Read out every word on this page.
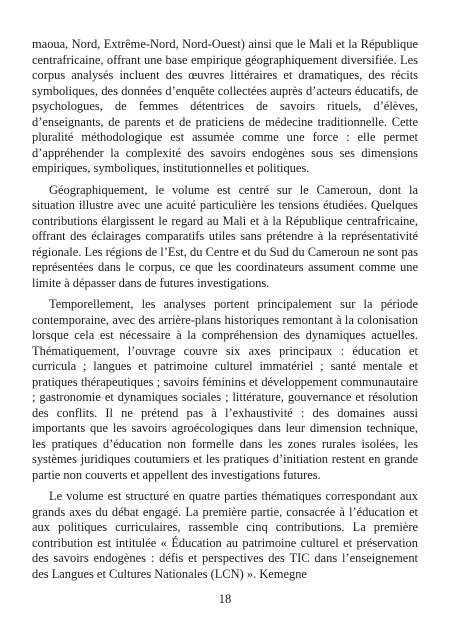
maoua, Nord, Extrême-Nord, Nord-Ouest) ainsi que le Mali et la République centrafricaine, offrant une base empirique géographiquement diversifiée. Les corpus analysés incluent des œuvres littéraires et dramatiques, des récits symboliques, des données d’enquête collectées auprès d’acteurs éducatifs, de psychologues, de femmes détentrices de savoirs rituels, d’élèves, d’enseignants, de parents et de praticiens de médecine traditionnelle. Cette pluralité méthodologique est assumée comme une force : elle permet d’appréhender la complexité des savoirs endogènes sous ses dimensions empiriques, symboliques, institutionnelles et politiques.

Géographiquement, le volume est centré sur le Cameroun, dont la situation illustre avec une acuité particulière les tensions étudiées. Quelques contributions élargissent le regard au Mali et à la République centrafricaine, offrant des éclairages comparatifs utiles sans prétendre à la représentativité régionale. Les régions de l’Est, du Centre et du Sud du Cameroun ne sont pas représentées dans le corpus, ce que les coordinateurs assument comme une limite à dépasser dans de futures investigations.

Temporellement, les analyses portent principalement sur la période contemporaine, avec des arrière-plans historiques remontant à la colonisation lorsque cela est nécessaire à la compréhension des dynamiques actuelles. Thématiquement, l’ouvrage couvre six axes principaux : éducation et curricula ; langues et patrimoine culturel immatériel ; santé mentale et pratiques thérapeutiques ; savoirs féminins et développement communautaire ; gastronomie et dynamiques sociales ; littérature, gouvernance et résolution des conflits. Il ne prétend pas à l’exhaustivité : des domaines aussi importants que les savoirs agroécologiques dans leur dimension technique, les pratiques d’éducation non formelle dans les zones rurales isolées, les systèmes juridiques coutumiers et les pratiques d’initiation restent en grande partie non couverts et appellent des investigations futures.

Le volume est structuré en quatre parties thématiques correspondant aux grands axes du débat engagé. La première partie, consacrée à l’éducation et aux politiques curriculaires, rassemble cinq contributions. La première contribution est intitulée « Éducation au patrimoine culturel et préservation des savoirs endogènes : défis et perspectives des TIC dans l’enseignement des Langues et Cultures Nationales (LCN) ». Kemegne

18
